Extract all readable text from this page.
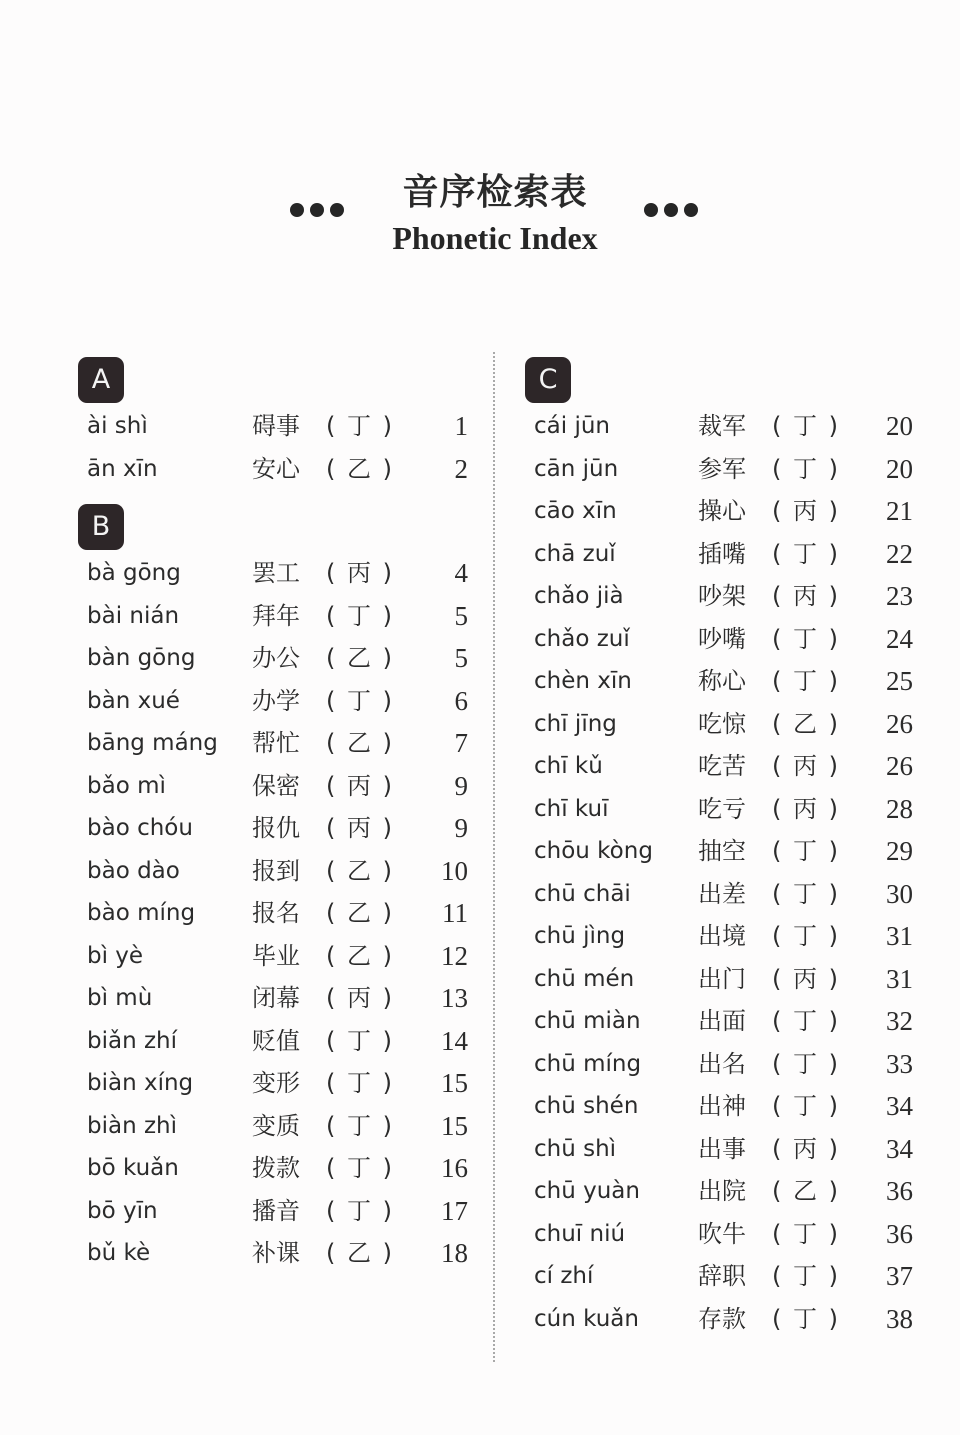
音序检索表
Phonetic Index
A
ài shì	碍事 ( 丁 ) 1
ān xīn	安心 ( 乙 ) 2
B
bà gōng	罢工 ( 丙 ) 4
bài nián	拜年 ( 丁 ) 5
bàn gōng 办公 ( 乙 ) 5
bàn xué	办学 ( 丁 ) 6
bāng máng 帮忙 ( 乙 ) 7
bǎo mì	保密 ( 丙 ) 9
bào chóu 报仇 ( 丙 ) 9
bào dào	报到 ( 乙 ) 10
bào míng 报名 ( 乙 ) 11
bì yè	毕业 ( 乙 ) 12
bì mù	闭幕 ( 丙 ) 13
biǎn zhí	贬值 ( 丁 ) 14
biàn xíng 变形 ( 丁 ) 15
biàn zhì	变质 ( 丁 ) 15
bō kuǎn	拨款 ( 丁 ) 16
bō yīn	播音 ( 丁 ) 17
bǔ kè	补课 ( 乙 ) 18
C
cái jūn	裁军 ( 丁 ) 20
cān jūn	参军 ( 丁 ) 20
cāo xīn	操心 ( 丙 ) 21
chā zuǐ	插嘴 ( 丁 ) 22
chǎo jià	吵架 ( 丙 ) 23
chǎo zuǐ	吵嘴 ( 丁 ) 24
chèn xīn	称心 ( 丁 ) 25
chī jīng	吃惊 ( 乙 ) 26
chī kǔ	吃苦 ( 丙 ) 26
chī kuī	吃亏 ( 丙 ) 28
chōu kòng 抽空 ( 丁 ) 29
chū chāi	出差 ( 丁 ) 30
chū jìng	出境 ( 丁 ) 31
chū mén	出门 ( 丙 ) 31
chū miàn 出面 ( 丁 ) 32
chū míng 出名 ( 丁 ) 33
chū shén 出神 ( 丁 ) 34
chū shì	出事 ( 丙 ) 34
chū yuàn 出院 ( 乙 ) 36
chuī niú	吹牛 ( 丁 ) 36
cí zhí	辞职 ( 丁 ) 37
cún kuǎn 存款 ( 丁 ) 38
